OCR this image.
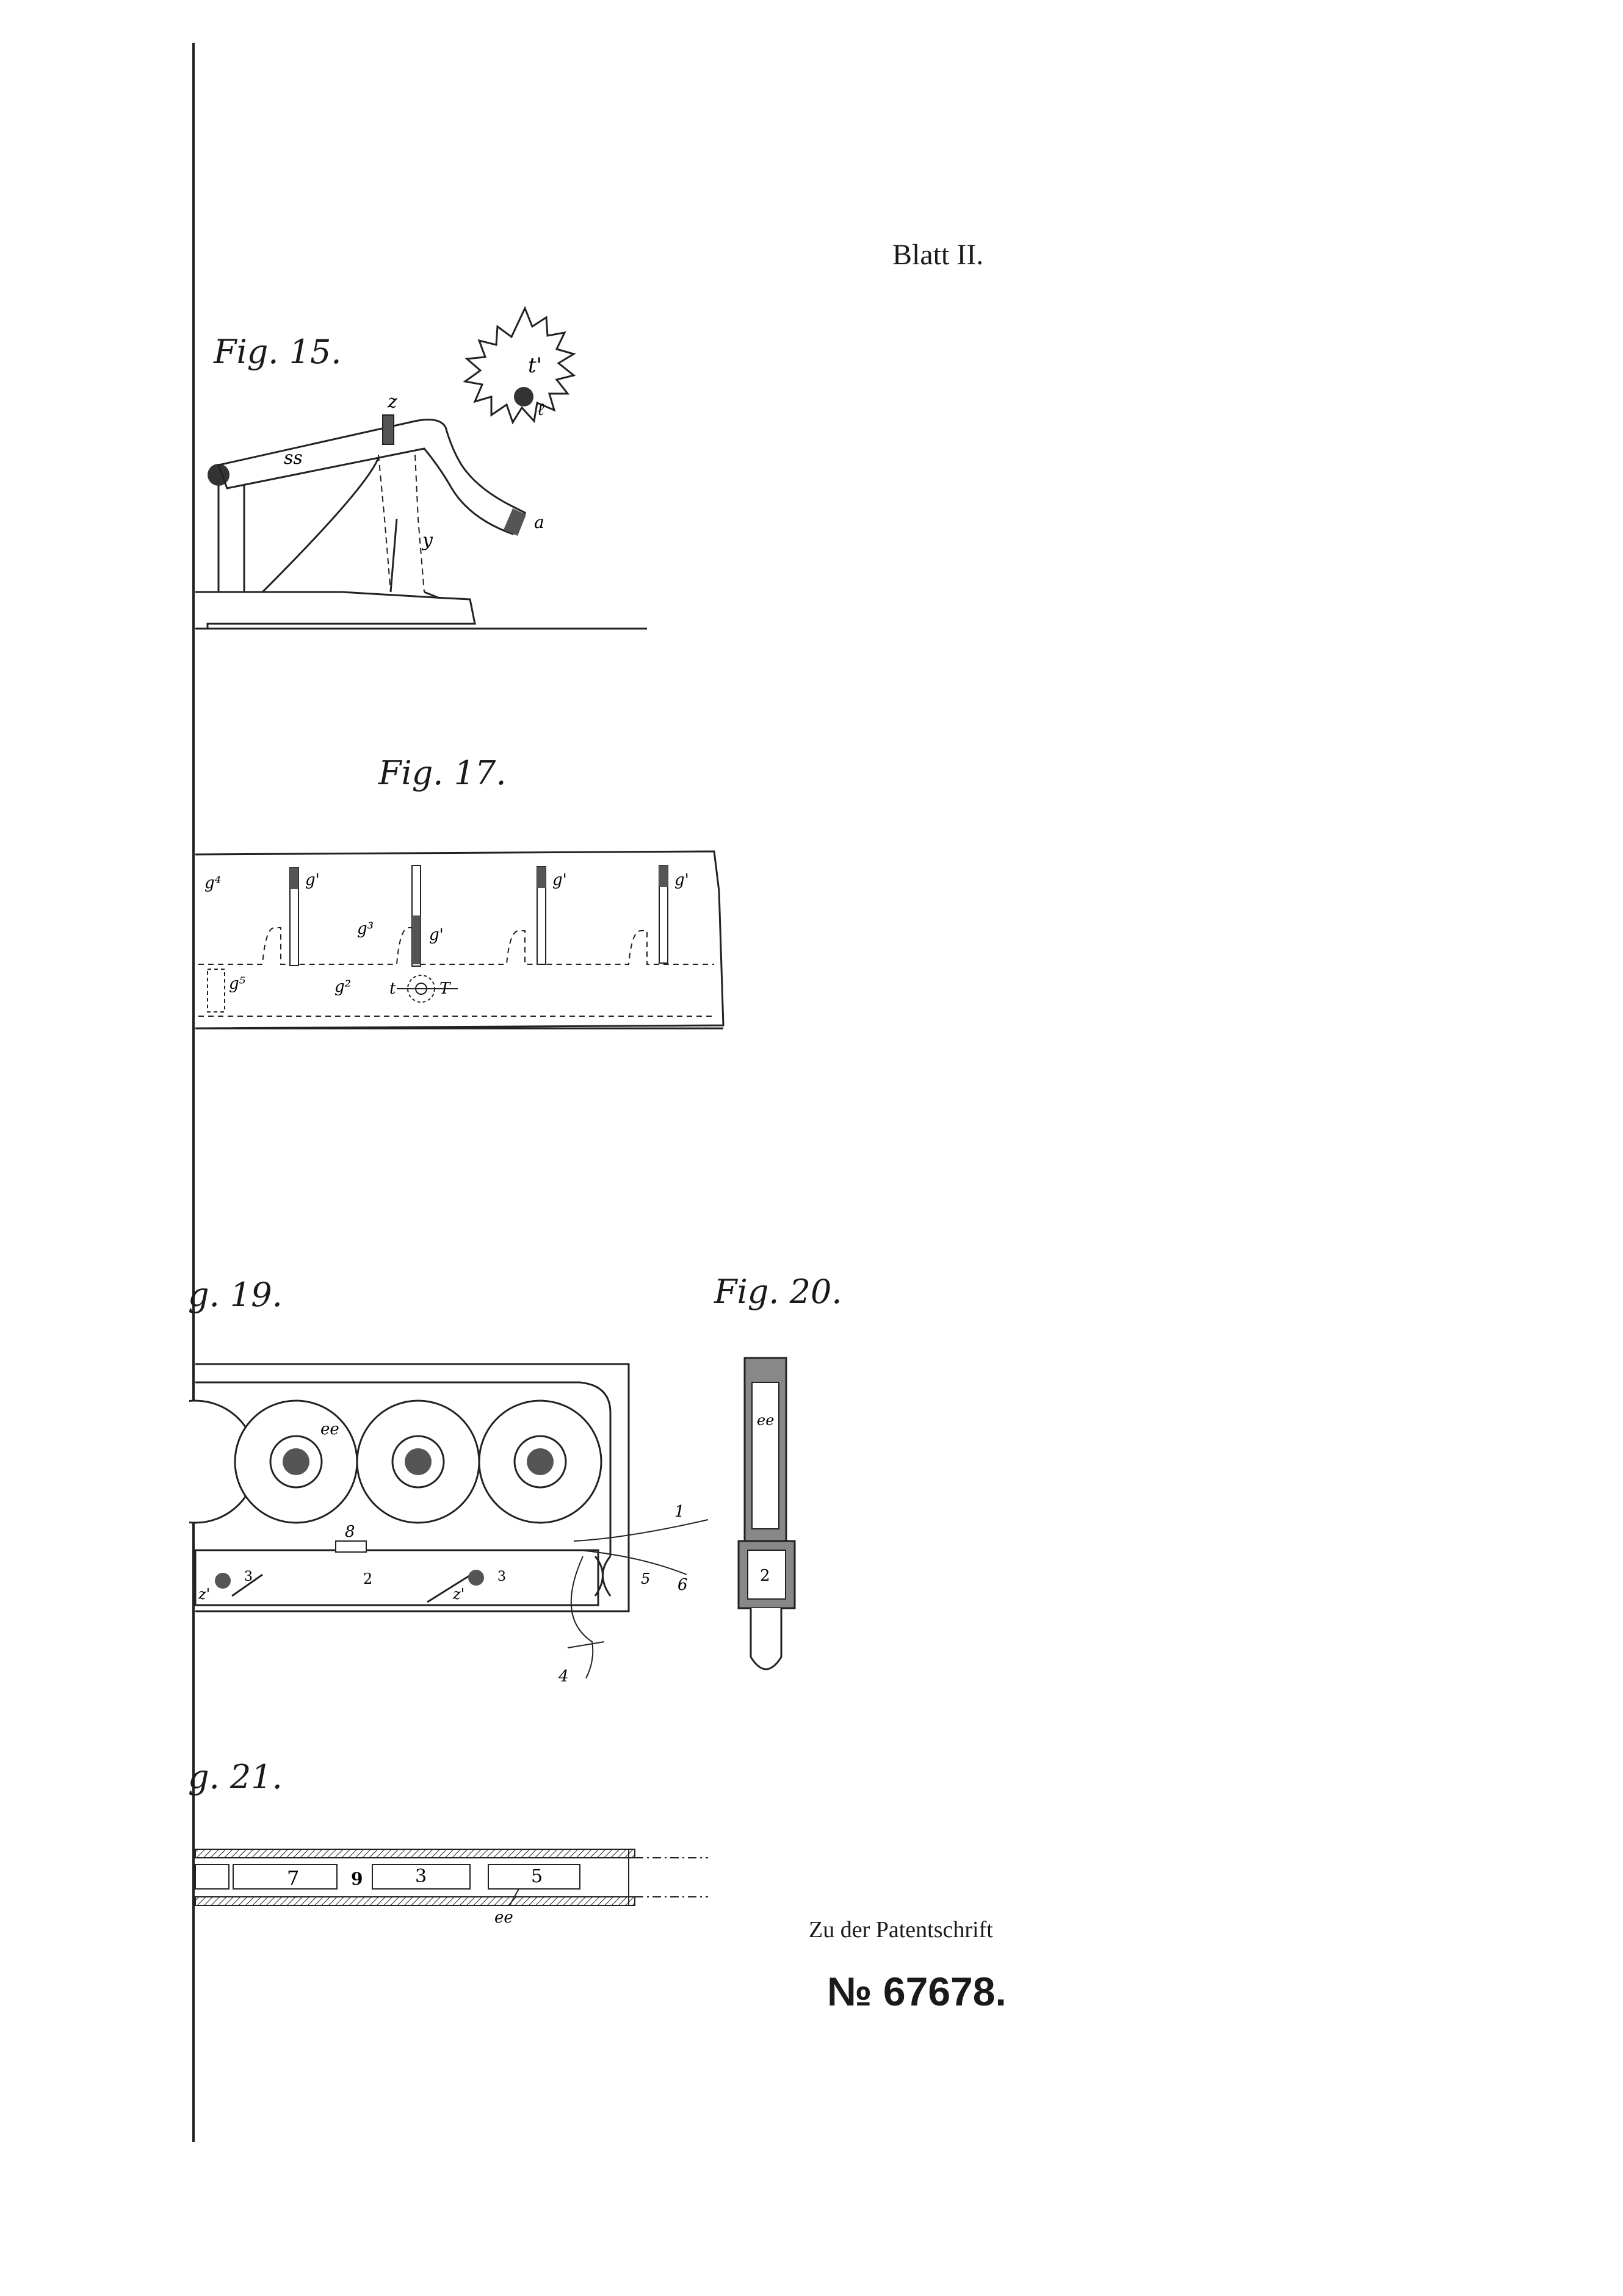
Blatt II.
Fig. 15.
z
ss
y
t'
ℓ
a
Fig. 17.
g⁴	g'
g³	g'
g'	g'
g⁵	g² t	T
g. 19.
ee
8
2
1
6
5
3	3
z'	z'
4
Fig. 20.
ee
2
g. 21.
7	9	3	5
ee	Zu der Patentschrift
№ 67678.
